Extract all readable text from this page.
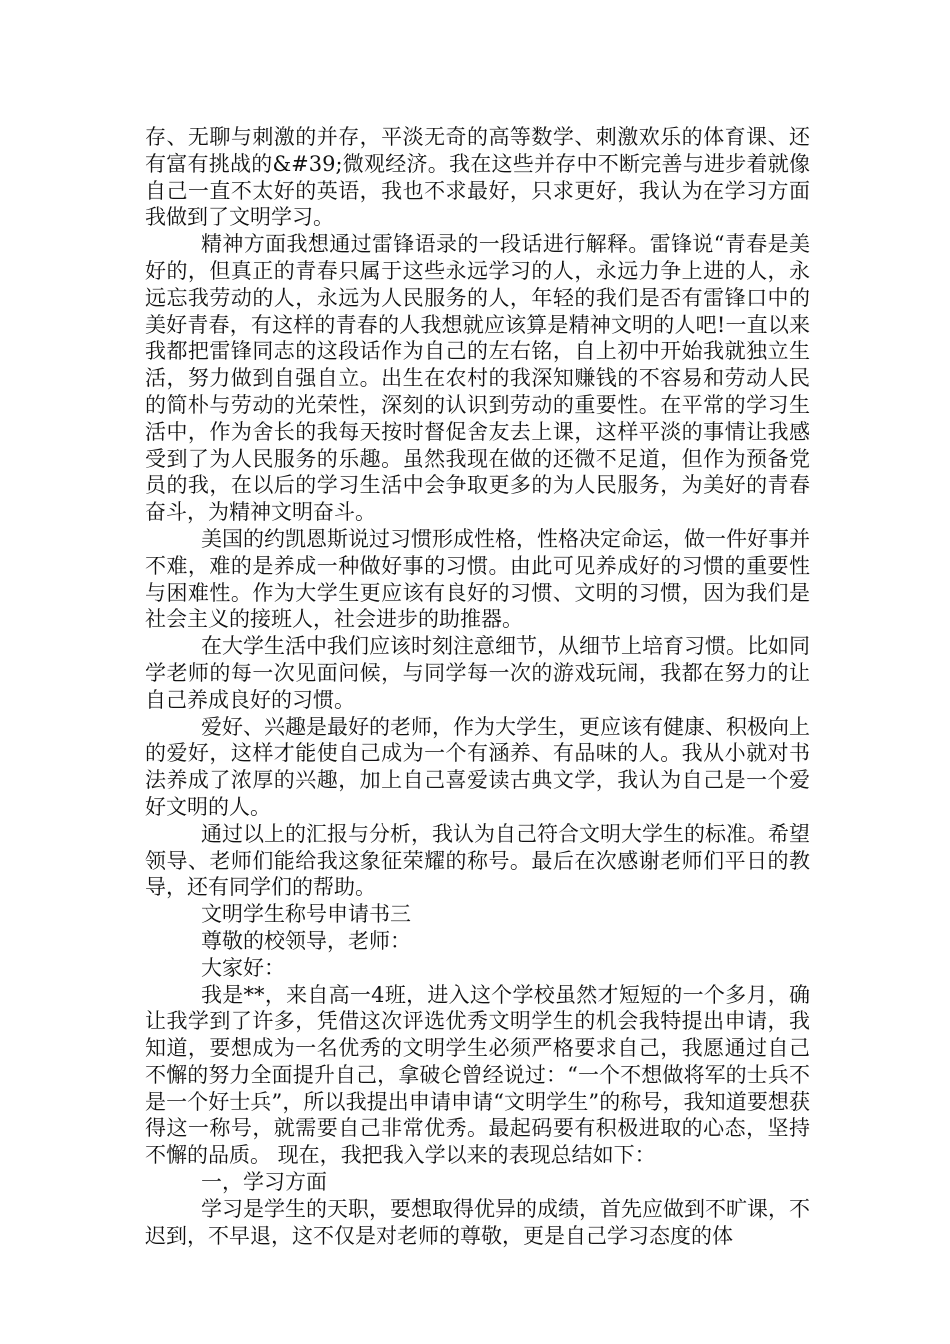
存、无聊与刺激的并存，平淡无奇的高等数学、刺激欢乐的体育课、还有富有挑战的&#39;微观经济。我在这些并存中不断完善与进步着就像自己一直不太好的英语，我也不求最好，只求更好，我认为在学习方面我做到了文明学习。

精神方面我想通过雷锋语录的一段话进行解释。雷锋说“青春是美好的，但真正的青春只属于这些永远学习的人，永远力争上进的人，永远忘我劳动的人，永远为人民服务的人，年轻的我们是否有雷锋口中的美好青春，有这样的青春的人我想就应该算是精神文明的人吧!一直以来我都把雷锋同志的这段话作为自己的左右铭，自上初中开始我就独立生活，努力做到自强自立。出生在农村的我深知赚钱的不容易和劳动人民的简朴与劳动的光荣性，深刻的认识到劳动的重要性。在平常的学习生活中，作为舍长的我每天按时督促舍友去上课，这样平淡的事情让我感受到了为人民服务的乐趣。虽然我现在做的还微不足道，但作为预备党员的我，在以后的学习生活中会争取更多的为人民服务，为美好的青春奋斗，为精神文明奋斗。

美国的约凯恩斯说过习惯形成性格，性格决定命运，做一件好事并不难，难的是养成一种做好事的习惯。由此可见养成好的习惯的重要性与困难性。作为大学生更应该有良好的习惯、文明的习惯，因为我们是社会主义的接班人，社会进步的助推器。

在大学生活中我们应该时刻注意细节，从细节上培育习惯。比如同学老师的每一次见面问候，与同学每一次的游戏玩闹，我都在努力的让自己养成良好的习惯。

爱好、兴趣是最好的老师，作为大学生，更应该有健康、积极向上的爱好，这样才能使自己成为一个有涵养、有品味的人。我从小就对书法养成了浓厚的兴趣，加上自己喜爱读古典文学，我认为自己是一个爱好文明的人。

通过以上的汇报与分析，我认为自己符合文明大学生的标准。希望领导、老师们能给我这象征荣耀的称号。最后在次感谢老师们平日的教导，还有同学们的帮助。

文明学生称号申请书三

尊敬的校领导，老师：

大家好：

我是**，来自高一4班，进入这个学校虽然才短短的一个多月，确让我学到了许多，凭借这次评选优秀文明学生的机会我特提出申请，我知道，要想成为一名优秀的文明学生必须严格要求自己，我愿通过自己不懈的努力全面提升自己，拿破仑曾经说过：“一个不想做将军的士兵不是一个好士兵”，所以我提出申请申请“文明学生”的称号，我知道要想获得这一称号，就需要自己非常优秀。最起码要有积极进取的心态，坚持不懈的品质。 现在，我把我入学以来的表现总结如下：

一，学习方面

学习是学生的天职，要想取得优异的成绩，首先应做到不旷课，不迟到，不早退，这不仅是对老师的尊敬，更是自己学习态度的体
